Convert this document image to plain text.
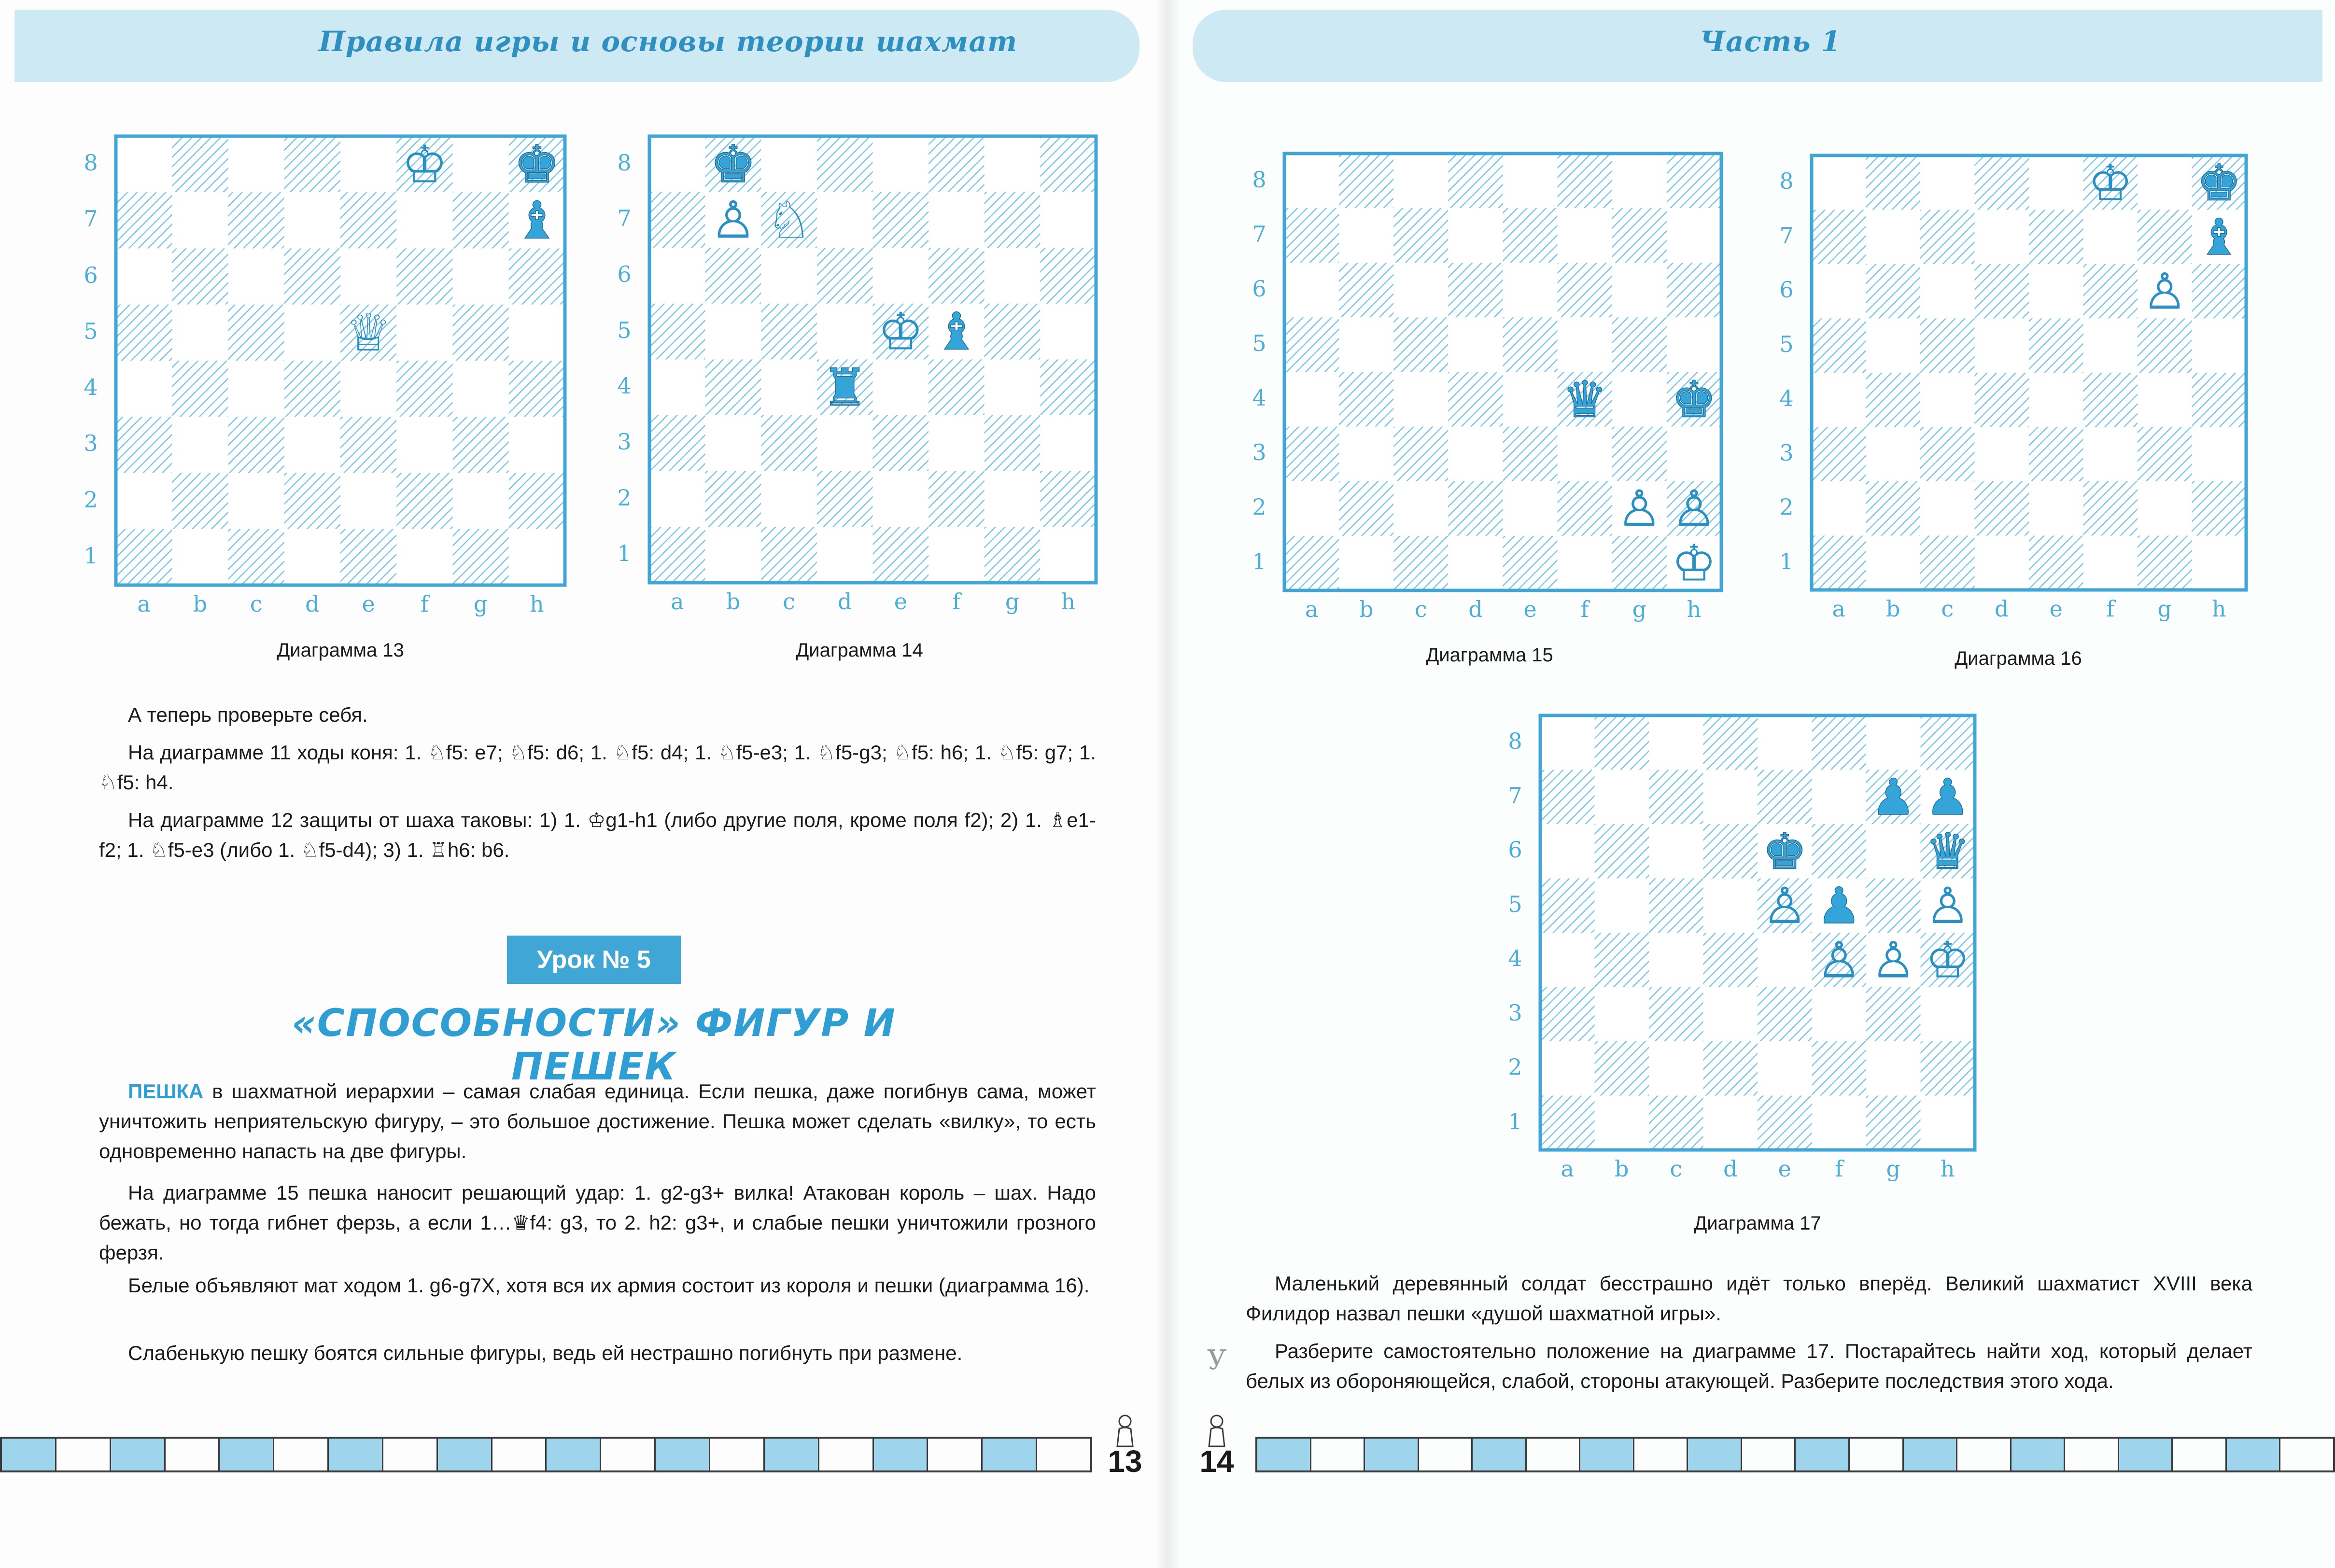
Правила игры и основы теории шахмат	Часть 1
♔ ♚
♝
♕
8
7
6
5
4
3
2
1
a	b	c	d	e	f	g	h
♚
♙ ♘
♔ ♝
♜
8
7
6
5
4
3
2
1
a	b	c	d	e	f	g	h
♛ ♚
♙ ♙
♔
8
7
6
5
4
3
2
1
a	b	c	d	e	f	g	h
♔ ♚
♝
♙
8
7
6
5
4
3
2
1
a	b	c	d	e	f	g	h
♟ ♟
♚ ♛
♙ ♟ ♙
♙ ♙ ♔
8
7
6
5
4
3
2
1
a	b	c	d	e	f	g	h
Диаграмма 13	Диаграмма 14	Диаграмма 15	Диаграмма 16
Диаграмма 17
А теперь проверьте себя.
На диаграмме 11 ходы коня: 1. ♘f5: e7; ♘f5: d6; 1. ♘f5: d4; 1. ♘f5-e3; 1. ♘f5-g3; ♘f5: h6; 1. ♘f5: g7; 1. ♘f5: h4.
На диаграмме 12 защиты от шаха таковы: 1) 1. ♔g1-h1 (либо другие поля, кроме поля f2); 2) 1. ♗e1-f2; 1. ♘f5-e3 (либо 1. ♘f5-d4); 3) 1. ♖h6: b6.
Урок № 5
«СПОСОБНОСТИ» ФИГУР И ПЕШЕК
ПЕШКА в шахматной иерархии – самая слабая единица. Если пешка, даже погибнув сама, может уничтожить неприятельскую фигуру, – это большое достижение. Пешка может сделать «вилку», то есть одновременно напасть на две фигуры.
На диаграмме 15 пешка наносит решающий удар: 1. g2-g3+ вилка! Атакован король – шах. Надо бежать, но тогда гибнет ферзь, а если 1…♛f4: g3, то 2. h2: g3+, и слабые пешки уничтожили грозного ферзя.
Белые объявляют мат ходом 1. g6-g7X, хотя вся их армия состоит из короля и пешки (диаграмма 16).
Слабенькую пешку боятся сильные фигуры, ведь ей нестрашно погибнуть при размене.
Маленький деревянный солдат бесстрашно идёт только вперёд. Великий шахматист XVIII века Филидор назвал пешки «душой шахматной игры».
Разберите самостоятельно положение на диаграмме 17. Постарайтесь найти ход, который делает белых из обороняющейся, слабой, стороны атакующей. Разберите последствия этого хода.
У
13 14
